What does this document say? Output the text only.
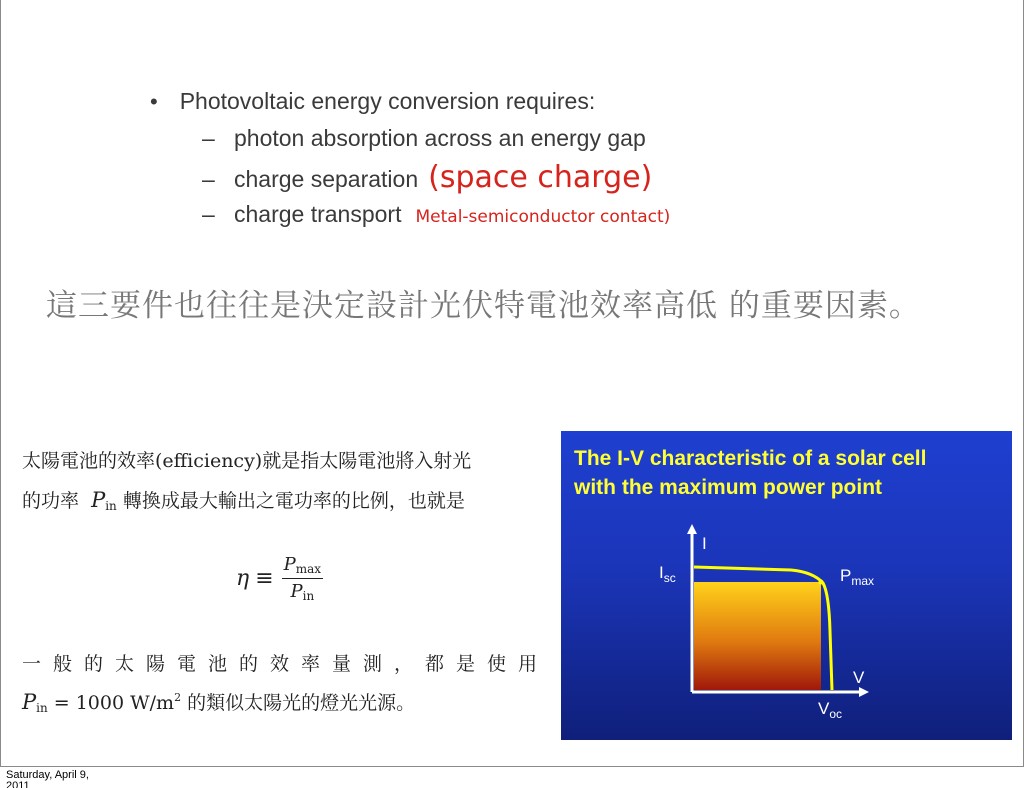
• Photovoltaic energy conversion requires:
– photon absorption across an energy gap
– charge separation (space charge)
– charge transport Metal-semiconductor contact)
這三要件也往往是決定設計光伏特電池效率高低 的重要因素。
太陽電池的效率(efficiency)就是指太陽電池將入射光
的功率 Pin 轉換成最大輸出之電功率的比例，也就是
$\eta \equiv \frac{Pmax}{\text{Pin}}$
一般的太陽電池的效率量測，都是使用
Pin = 1000 $W/m^2$ 的類似太陽光的燈光光源。
The I-V characteristic of a solar cell
with the maximum power point
I
$I_{sc}$	$P_{max}$
V
$V_{oc}$
Saturday, April 9,
2011
